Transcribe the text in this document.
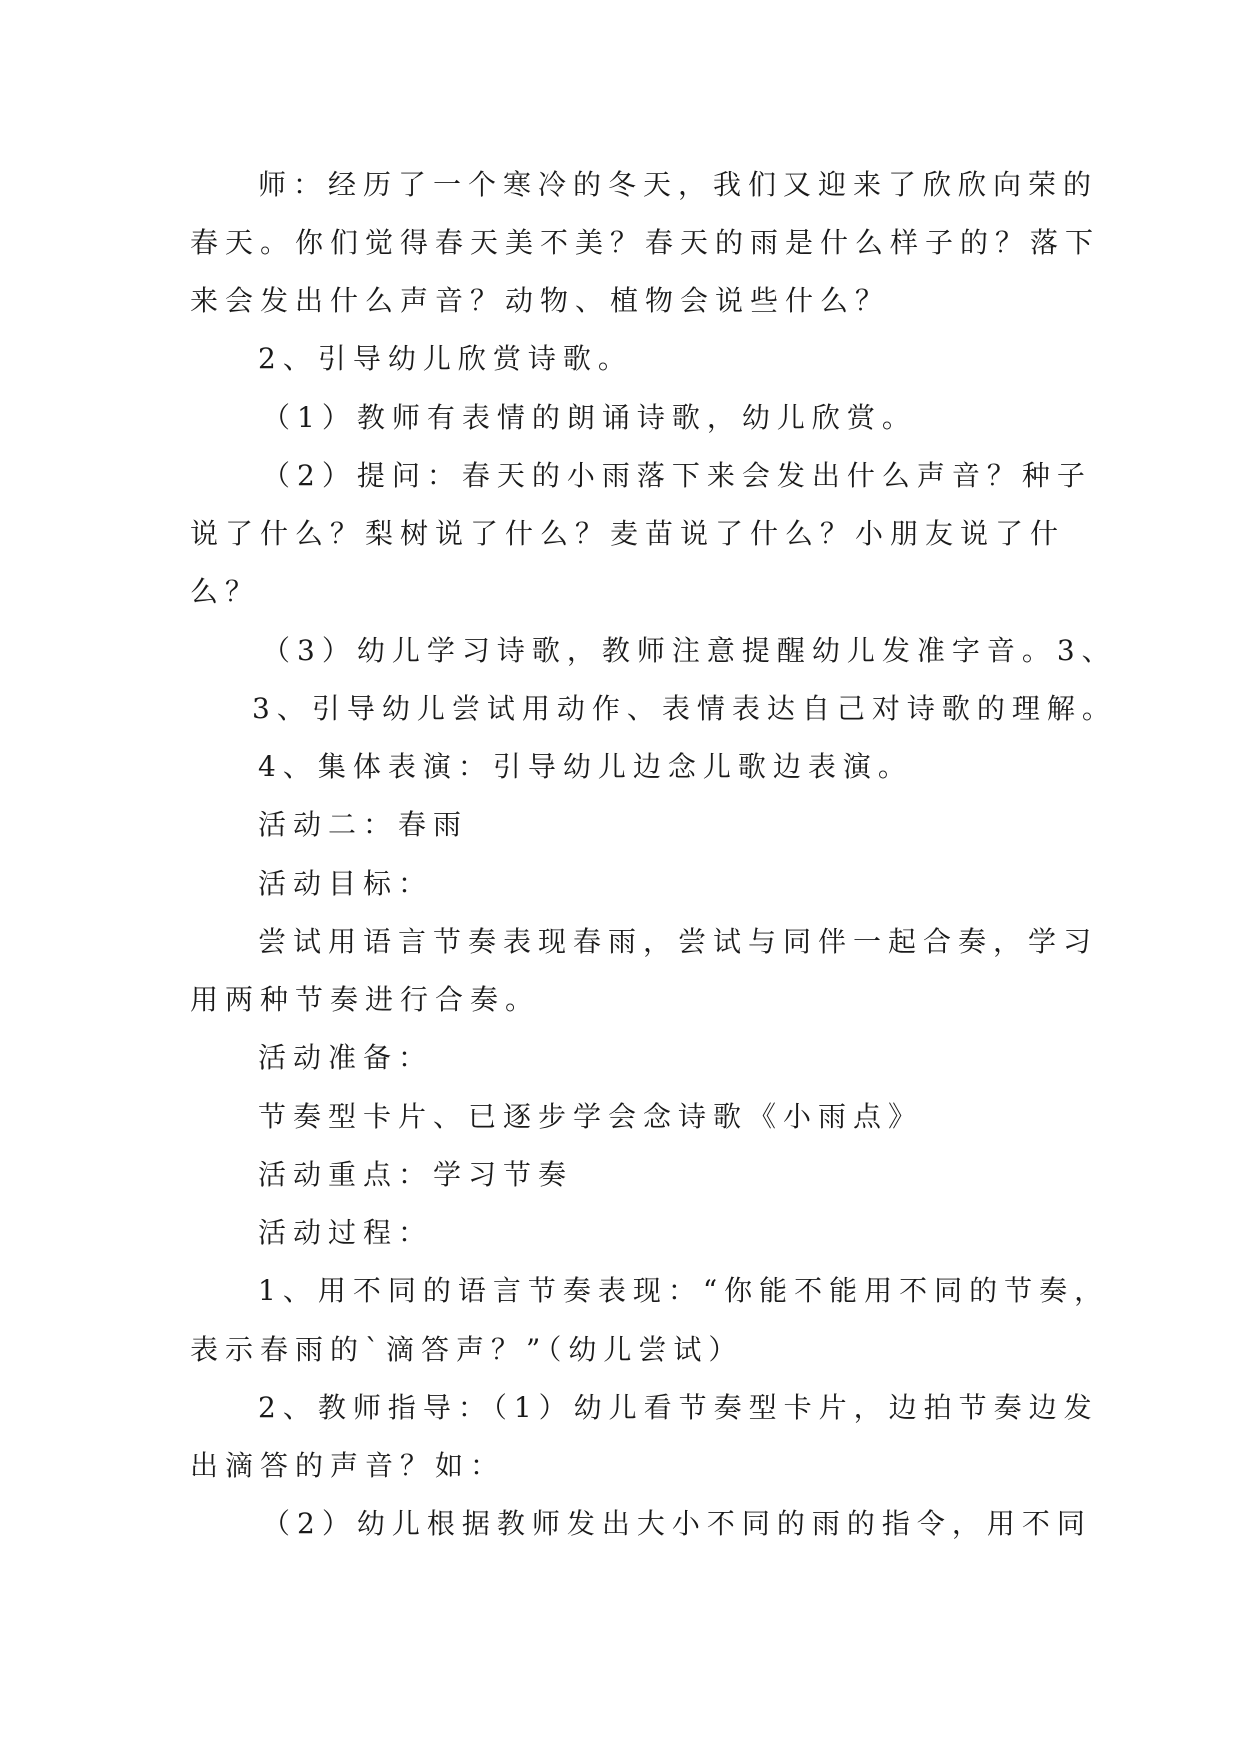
师：经历了一个寒冷的冬天，我们又迎来了欣欣向荣的
春天。你们觉得春天美不美？春天的雨是什么样子的？落下
来会发出什么声音？动物、植物会说些什么？
2、引导幼儿欣赏诗歌。
（1）教师有表情的朗诵诗歌，幼儿欣赏。
（2）提问：春天的小雨落下来会发出什么声音？种子
说了什么？梨树说了什么？麦苗说了什么？小朋友说了什
么？
（3）幼儿学习诗歌，教师注意提醒幼儿发准字音。3、
3、引导幼儿尝试用动作、表情表达自己对诗歌的理解。
4、集体表演：引导幼儿边念儿歌边表演。
活动二：春雨
活动目标：
尝试用语言节奏表现春雨，尝试与同伴一起合奏，学习
用两种节奏进行合奏。
活动准备：
节奏型卡片、已逐步学会念诗歌《小雨点》
活动重点：学习节奏
活动过程：
1、用不同的语言节奏表现：“你能不能用不同的节奏，
表示春雨的`滴答声？”（幼儿尝试）
2、教师指导：（1）幼儿看节奏型卡片，边拍节奏边发
出滴答的声音？如：
（2）幼儿根据教师发出大小不同的雨的指令，用不同
